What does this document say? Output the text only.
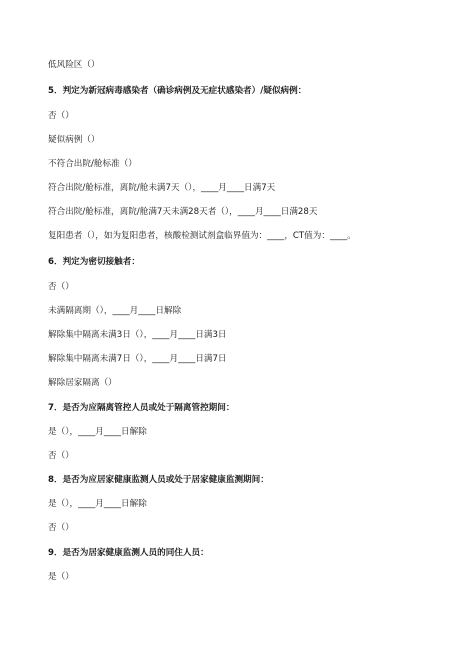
低风险区（）
5．判定为新冠病毒感染者（确诊病例及无症状感染者）/疑似病例：
否（）
疑似病例（）
不符合出院/舱标准（）
符合出院/舱标准，离院/舱未满7天（），____月____日满7天
符合出院/舱标准，离院/舱满7天未满28天者（），____月____日满28天
复阳患者（），如为复阳患者，核酸检测试剂盒临界值为：____，CT值为：____。
6．判定为密切接触者：
否（）
未满隔离期（），____月____日解除
解除集中隔离未满3日（），____月____日满3日
解除集中隔离未满7日（），____月____日满7日
解除居家隔离（）
7．是否为应隔离管控人员或处于隔离管控期间：
是（），____月____日解除
否（）
8．是否为应居家健康监测人员或处于居家健康监测期间：
是（），____月____日解除
否（）
9．是否为居家健康监测人员的同住人员：
是（）
